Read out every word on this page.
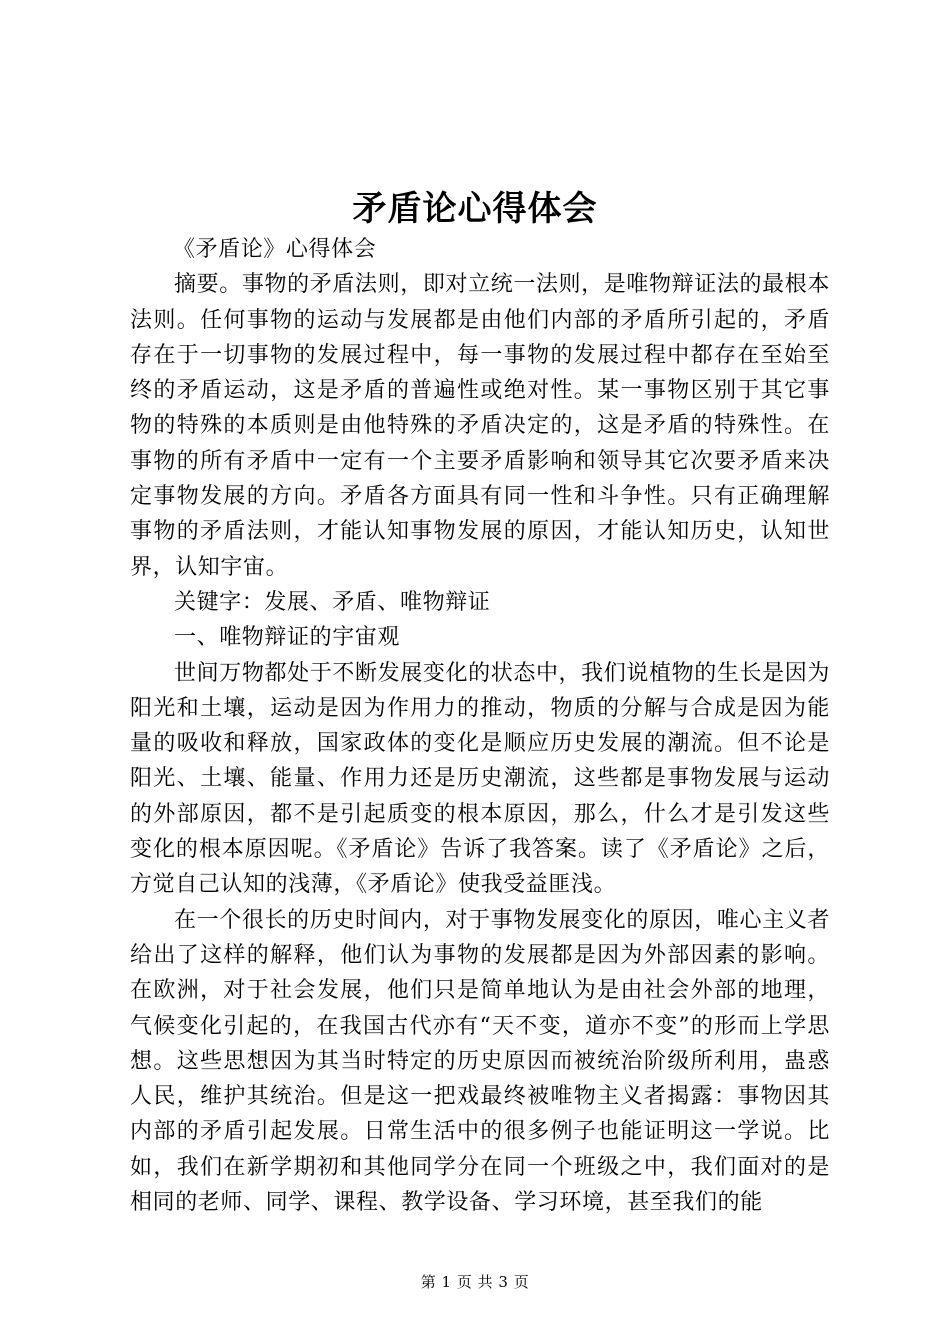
矛盾论心得体会

《矛盾论》心得体会

摘要。事物的矛盾法则，即对立统一法则，是唯物辩证法的最根本法则。任何事物的运动与发展都是由他们内部的矛盾所引起的，矛盾存在于一切事物的发展过程中，每一事物的发展过程中都存在至始至终的矛盾运动，这是矛盾的普遍性或绝对性。某一事物区别于其它事物的特殊的本质则是由他特殊的矛盾决定的，这是矛盾的特殊性。在事物的所有矛盾中一定有一个主要矛盾影响和领导其它次要矛盾来决定事物发展的方向。矛盾各方面具有同一性和斗争性。只有正确理解事物的矛盾法则，才能认知事物发展的原因，才能认知历史，认知世界，认知宇宙。

关键字：发展、矛盾、唯物辩证

一、唯物辩证的宇宙观

世间万物都处于不断发展变化的状态中，我们说植物的生长是因为阳光和土壤，运动是因为作用力的推动，物质的分解与合成是因为能量的吸收和释放，国家政体的变化是顺应历史发展的潮流。但不论是阳光、土壤、能量、作用力还是历史潮流，这些都是事物发展与运动的外部原因，都不是引起质变的根本原因，那么，什么才是引发这些变化的根本原因呢。《矛盾论》告诉了我答案。读了《矛盾论》之后，方觉自己认知的浅薄，《矛盾论》使我受益匪浅。

在一个很长的历史时间内，对于事物发展变化的原因，唯心主义者给出了这样的解释，他们认为事物的发展都是因为外部因素的影响。在欧洲，对于社会发展，他们只是简单地认为是由社会外部的地理，气候变化引起的，在我国古代亦有“天不变，道亦不变”的形而上学思想。这些思想因为其当时特定的历史原因而被统治阶级所利用，蛊惑人民，维护其统治。但是这一把戏最终被唯物主义者揭露：事物因其内部的矛盾引起发展。日常生活中的很多例子也能证明这一学说。比如，我们在新学期初和其他同学分在同一个班级之中，我们面对的是相同的老师、同学、课程、教学设备、学习环境，甚至我们的能

第 1 页 共 3 页
